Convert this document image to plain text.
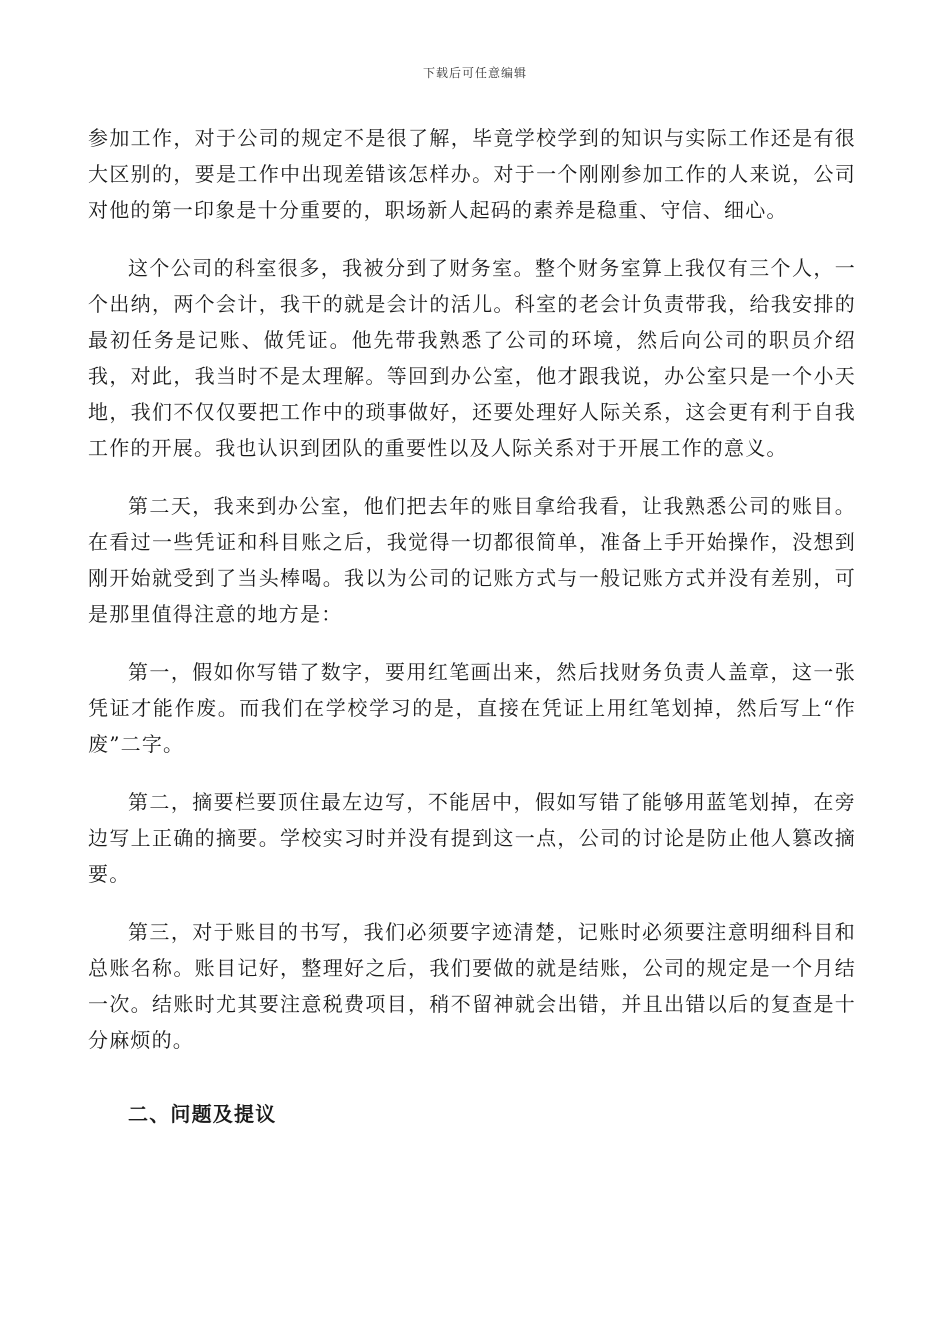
下载后可任意编辑

参加工作，对于公司的规定不是很了解，毕竟学校学到的知识与实际工作还是有很大区别的，要是工作中出现差错该怎样办。对于一个刚刚参加工作的人来说，公司对他的第一印象是十分重要的，职场新人起码的素养是稳重、守信、细心。

这个公司的科室很多，我被分到了财务室。整个财务室算上我仅有三个人，一个出纳，两个会计，我干的就是会计的活儿。科室的老会计负责带我，给我安排的最初任务是记账、做凭证。他先带我熟悉了公司的环境，然后向公司的职员介绍我，对此，我当时不是太理解。等回到办公室，他才跟我说，办公室只是一个小天地，我们不仅仅要把工作中的琐事做好，还要处理好人际关系，这会更有利于自我工作的开展。我也认识到团队的重要性以及人际关系对于开展工作的意义。

第二天，我来到办公室，他们把去年的账目拿给我看，让我熟悉公司的账目。在看过一些凭证和科目账之后，我觉得一切都很简单，准备上手开始操作，没想到刚开始就受到了当头棒喝。我以为公司的记账方式与一般记账方式并没有差别，可是那里值得注意的地方是：

第一，假如你写错了数字，要用红笔画出来，然后找财务负责人盖章，这一张凭证才能作废。而我们在学校学习的是，直接在凭证上用红笔划掉，然后写上“作废”二字。

第二，摘要栏要顶住最左边写，不能居中，假如写错了能够用蓝笔划掉，在旁边写上正确的摘要。学校实习时并没有提到这一点，公司的讨论是防止他人篡改摘要。

第三，对于账目的书写，我们必须要字迹清楚，记账时必须要注意明细科目和总账名称。账目记好，整理好之后，我们要做的就是结账，公司的规定是一个月结一次。结账时尤其要注意税费项目，稍不留神就会出错，并且出错以后的复查是十分麻烦的。

二、问题及提议
